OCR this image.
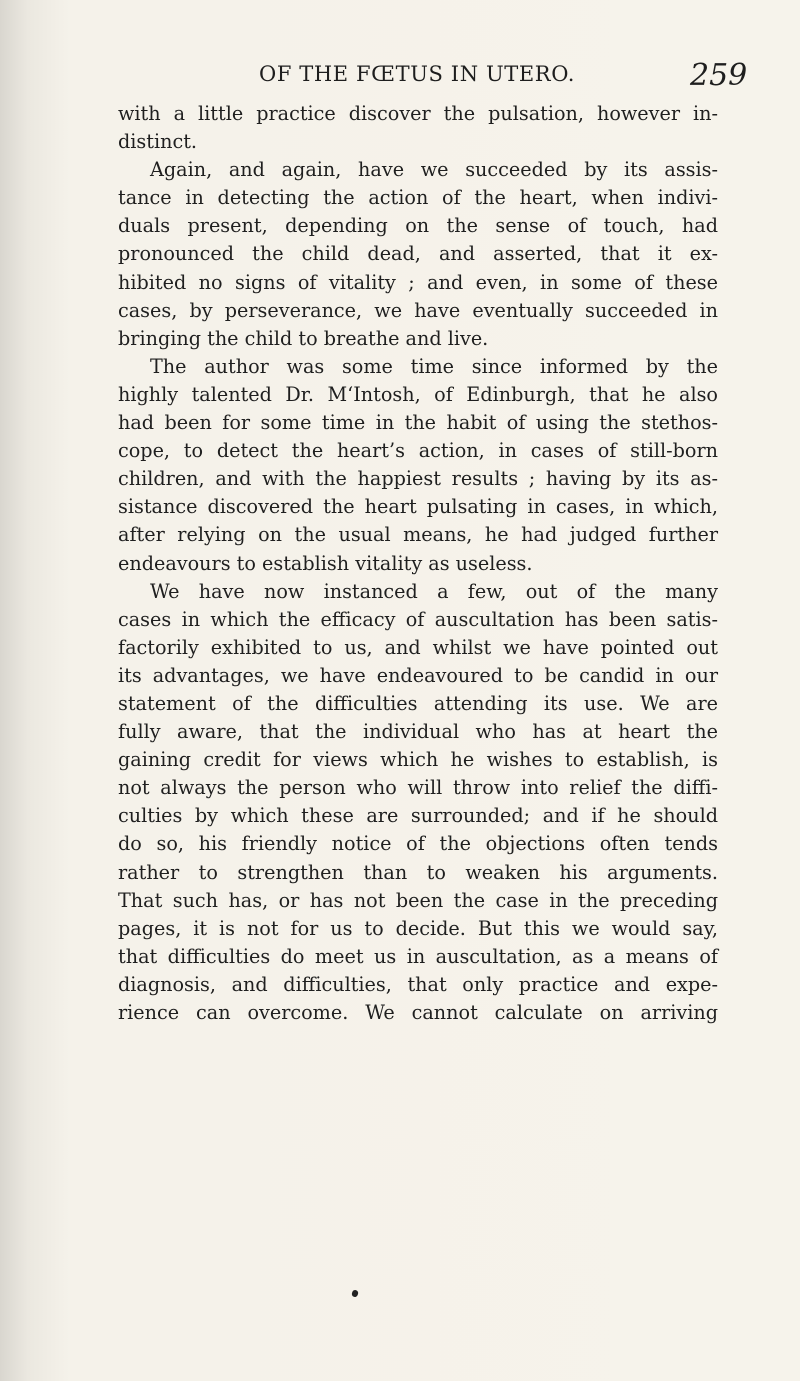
OF THE FŒTUS IN UTERO.	259
with a little practice discover the pulsation, however in-
distinct.
Again, and again, have we succeeded by its assis-
tance in detecting the action of the heart, when indivi-
duals present, depending on the sense of touch, had
pronounced the child dead, and asserted, that it ex-
hibited no signs of vitality ; and even, in some of these
cases, by perseverance, we have eventually succeeded in
bringing the child to breathe and live.
The author was some time since informed by the
highly talented Dr. M‘Intosh, of Edinburgh, that he also
had been for some time in the habit of using the stethos-
cope, to detect the heart’s action, in cases of still-born
children, and with the happiest results ; having by its as-
sistance discovered the heart pulsating in cases, in which,
after relying on the usual means, he had judged further
endeavours to establish vitality as useless.
We have now instanced a few, out of the many
cases in which the efficacy of auscultation has been satis-
factorily exhibited to us, and whilst we have pointed out
its advantages, we have endeavoured to be candid in our
statement of the difficulties attending its use. We are
fully aware, that the individual who has at heart the
gaining credit for views which he wishes to establish, is
not always the person who will throw into relief the diffi-
culties by which these are surrounded; and if he should
do so, his friendly notice of the objections often tends
rather to strengthen than to weaken his arguments.
That such has, or has not been the case in the preceding
pages, it is not for us to decide. But this we would say,
that difficulties do meet us in auscultation, as a means of
diagnosis, and difficulties, that only practice and expe-
rience can overcome. We cannot calculate on arriving
